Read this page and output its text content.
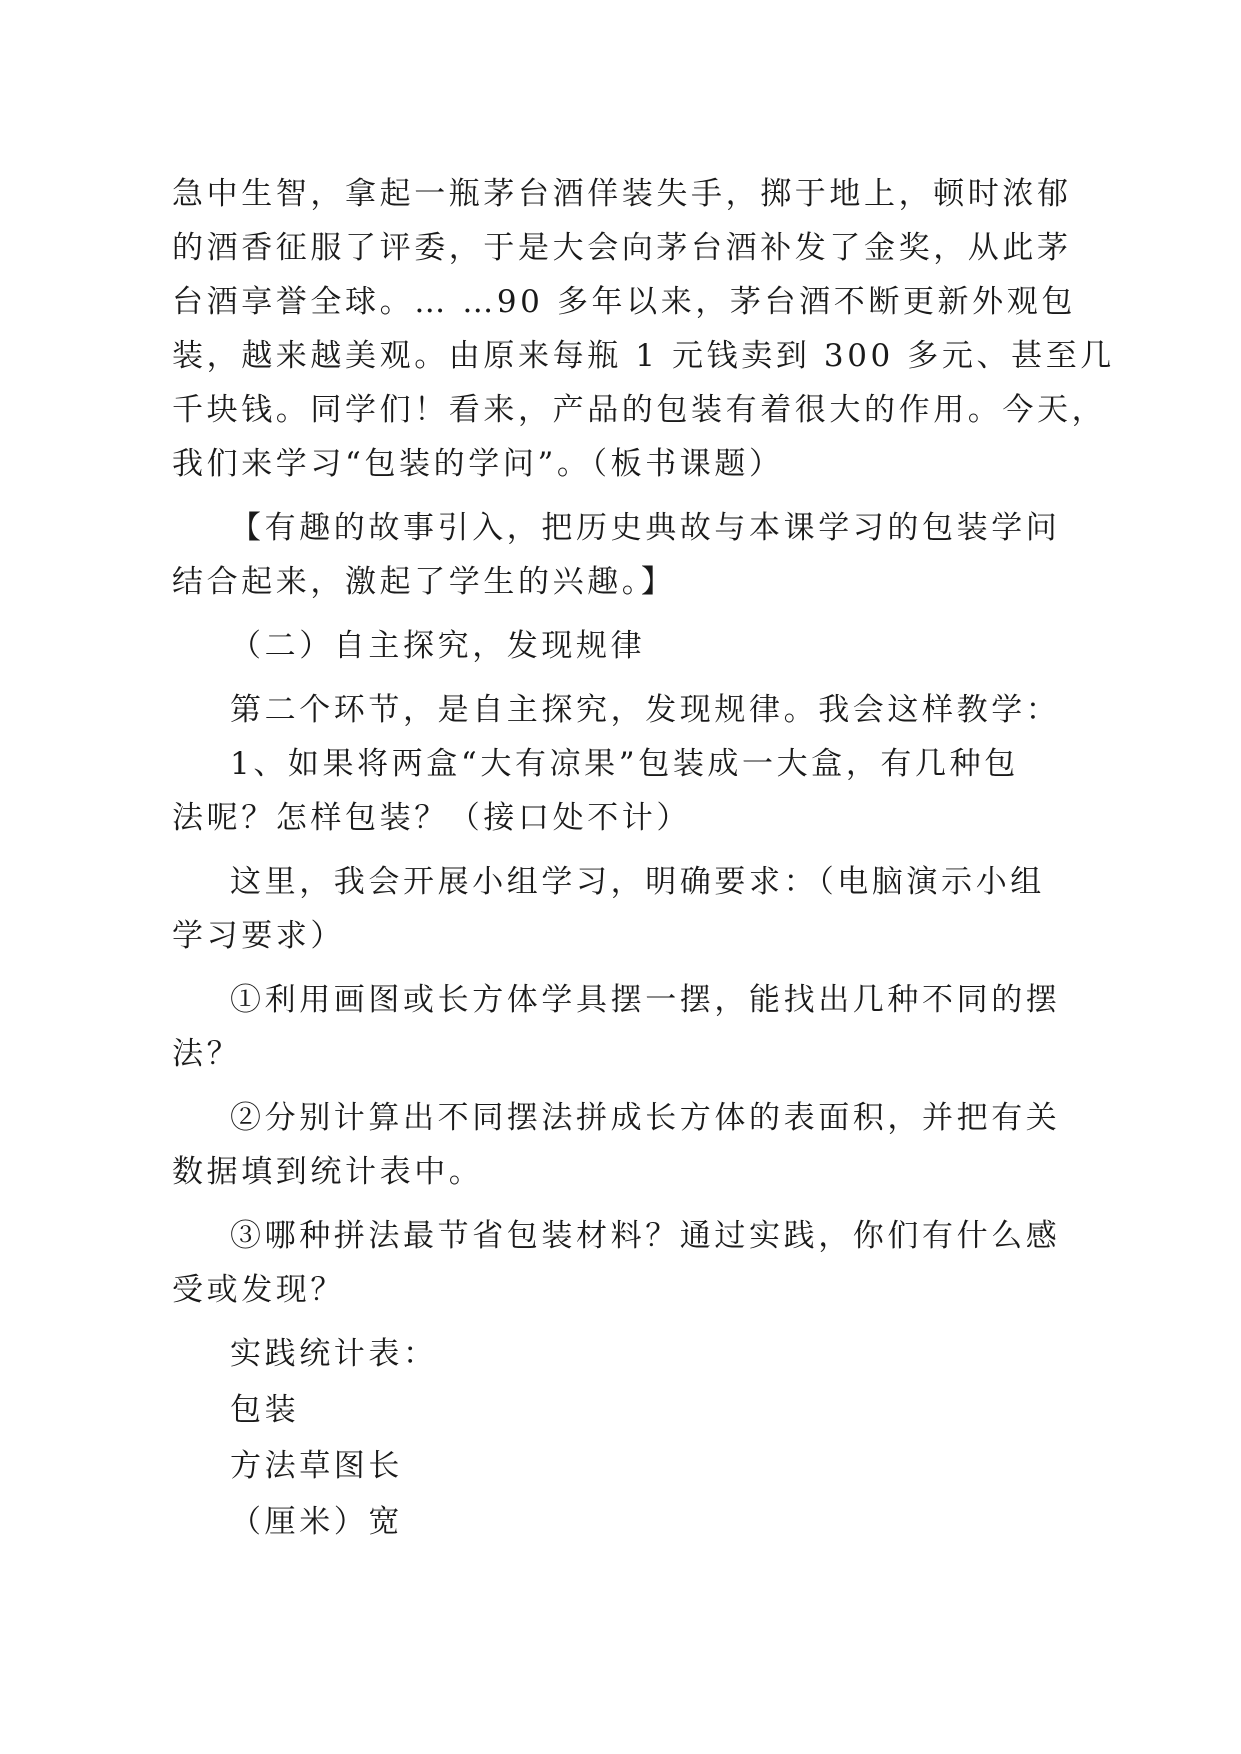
急中生智，拿起一瓶茅台酒佯装失手，掷于地上，顿时浓郁
的酒香征服了评委，于是大会向茅台酒补发了金奖，从此茅
台酒享誉全球。… …90 多年以来，茅台酒不断更新外观包
装，越来越美观。由原来每瓶 1 元钱卖到 300 多元、甚至几
千块钱。同学们！看来，产品的包装有着很大的作用。今天，
我们来学习“包装的学问”。（板书课题）
【有趣的故事引入，把历史典故与本课学习的包装学问
结合起来，激起了学生的兴趣。】
（二）自主探究，发现规律
第二个环节，是自主探究，发现规律。我会这样教学：
1、如果将两盒“大有凉果”包装成一大盒，有几种包
法呢？怎样包装？（接口处不计）
这里，我会开展小组学习，明确要求：（电脑演示小组
学习要求）
①利用画图或长方体学具摆一摆，能找出几种不同的摆
法？
②分别计算出不同摆法拼成长方体的表面积，并把有关
数据填到统计表中。
③哪种拼法最节省包装材料？通过实践，你们有什么感
受或发现？
实践统计表：
包装
方法草图长
（厘米）宽
